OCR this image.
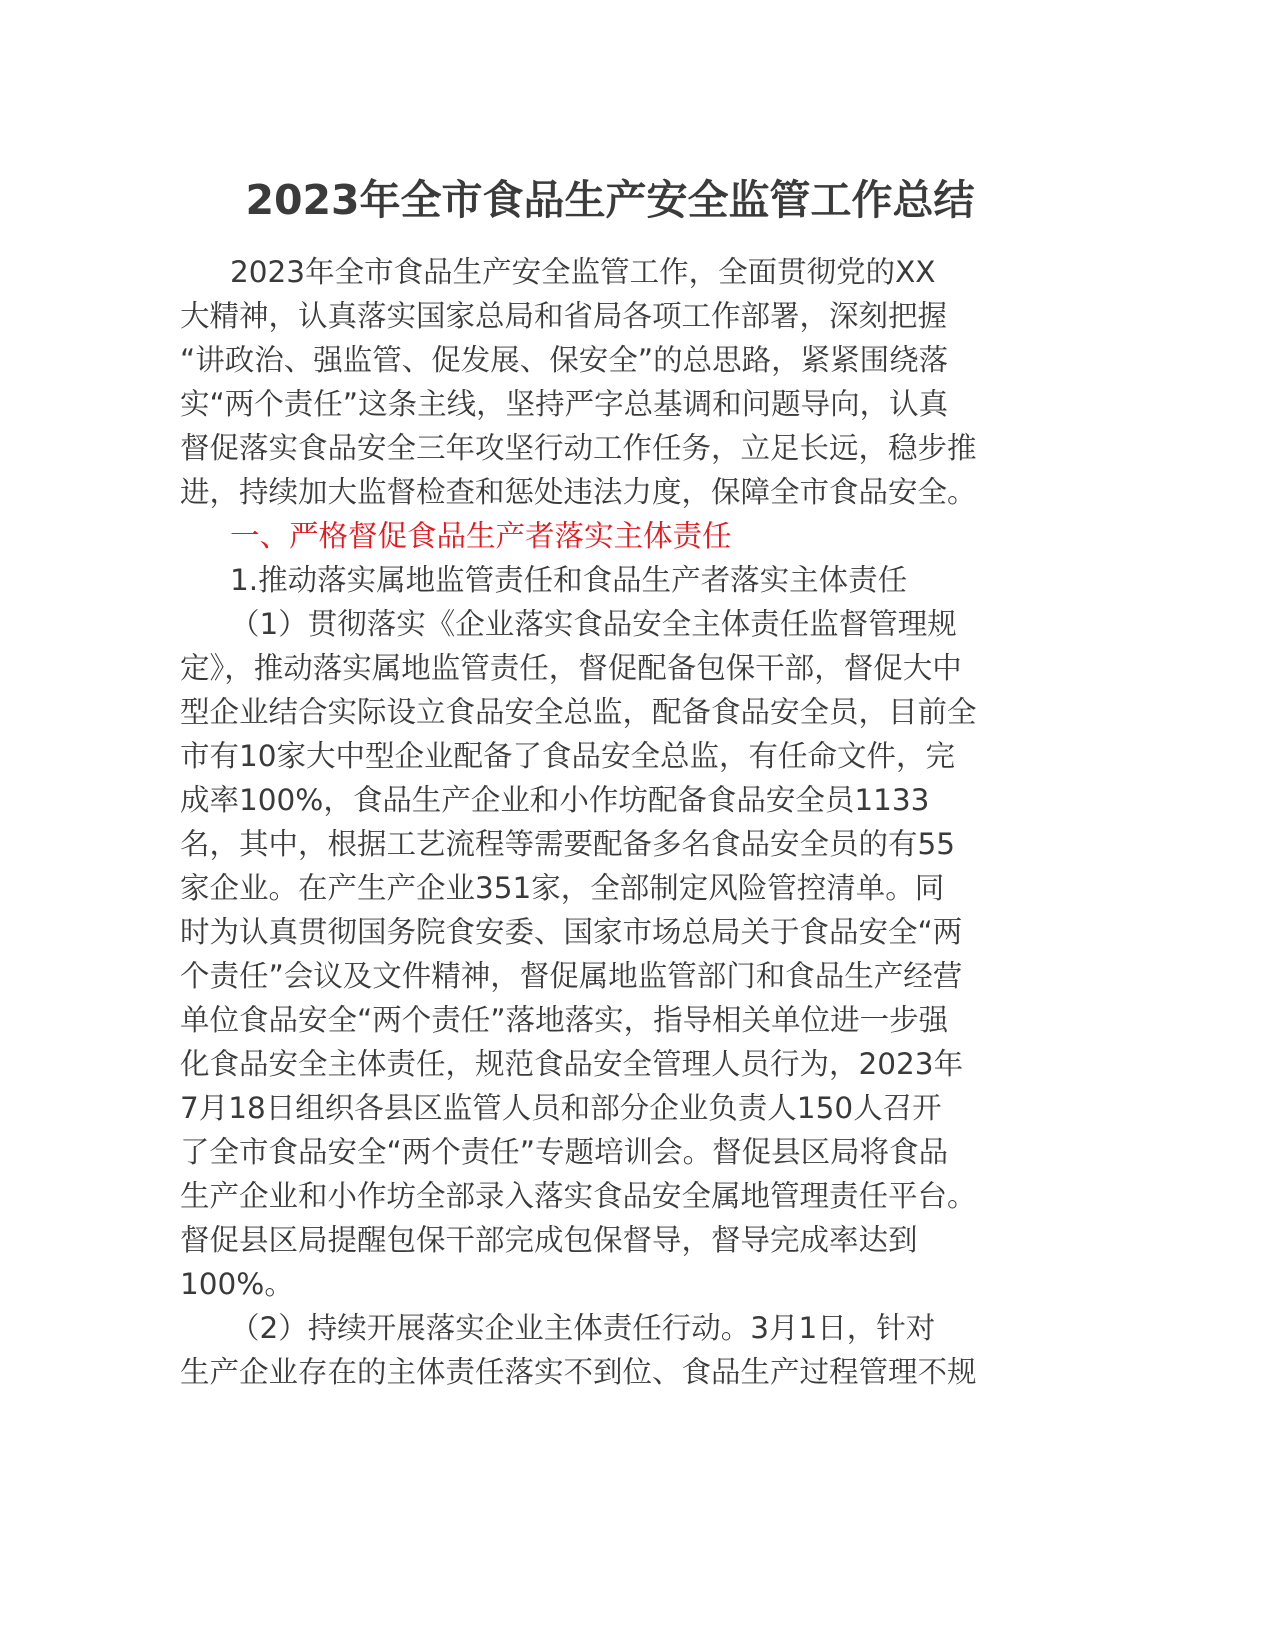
2023年全市食品生产安全监管工作总结
2023年全市食品生产安全监管工作，全面贯彻党的XX
大精神，认真落实国家总局和省局各项工作部署，深刻把握
“讲政治、强监管、促发展、保安全”的总思路，紧紧围绕落
实“两个责任”这条主线，坚持严字总基调和问题导向，认真
督促落实食品安全三年攻坚行动工作任务，立足长远，稳步推
进，持续加大监督检查和惩处违法力度，保障全市食品安全。
一、严格督促食品生产者落实主体责任
1.推动落实属地监管责任和食品生产者落实主体责任
（1）贯彻落实《企业落实食品安全主体责任监督管理规
定》，推动落实属地监管责任，督促配备包保干部，督促大中
型企业结合实际设立食品安全总监，配备食品安全员，目前全
市有10家大中型企业配备了食品安全总监，有任命文件，完
成率100%，食品生产企业和小作坊配备食品安全员1133
名，其中，根据工艺流程等需要配备多名食品安全员的有55
家企业。在产生产企业351家，全部制定风险管控清单。同
时为认真贯彻国务院食安委、国家市场总局关于食品安全“两
个责任”会议及文件精神，督促属地监管部门和食品生产经营
单位食品安全“两个责任”落地落实，指导相关单位进一步强
化食品安全主体责任，规范食品安全管理人员行为，2023年
7月18日组织各县区监管人员和部分企业负责人150人召开
了全市食品安全“两个责任”专题培训会。督促县区局将食品
生产企业和小作坊全部录入落实食品安全属地管理责任平台。
督促县区局提醒包保干部完成包保督导，督导完成率达到
100%。
（2）持续开展落实企业主体责任行动。3月1日，针对
生产企业存在的主体责任落实不到位、食品生产过程管理不规
